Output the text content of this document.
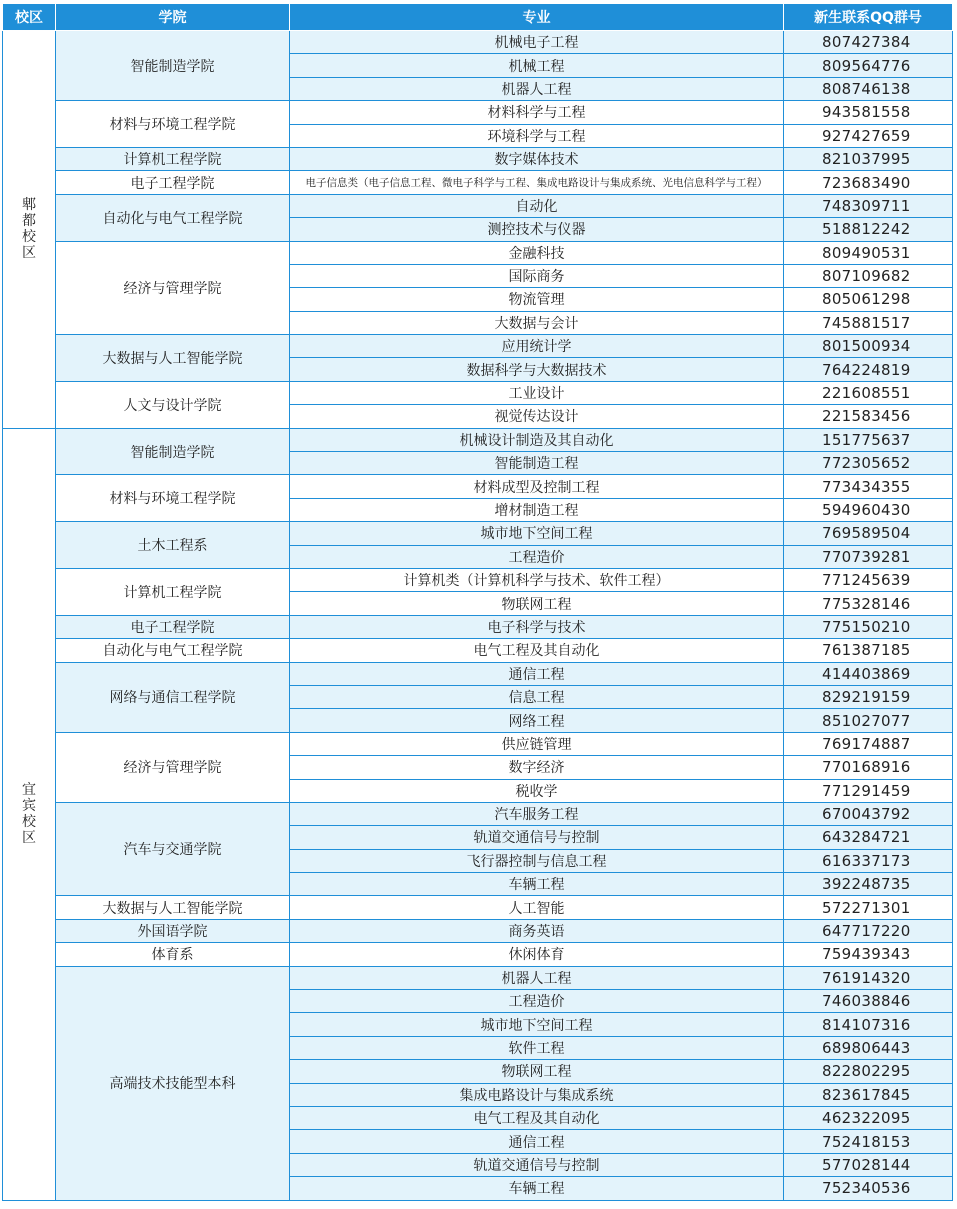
校区	学院	专业	新生联系QQ群号
郫都校区	智能制造学院	机械电子工程	807427384
		机械工程	809564776
		机器人工程	808746138
	材料与环境工程学院	材料科学与工程	943581558
		环境科学与工程	927427659
	计算机工程学院	数字媒体技术	821037995
	电子工程学院	电子信息类（电子信息工程、微电子科学与工程、集成电路设计与集成系统、光电信息科学与工程）	723683490
	自动化与电气工程学院	自动化	748309711
		测控技术与仪器	518812242
	经济与管理学院	金融科技	809490531
		国际商务	807109682
		物流管理	805061298
		大数据与会计	745881517
	大数据与人工智能学院	应用统计学	801500934
		数据科学与大数据技术	764224819
	人文与设计学院	工业设计	221608551
		视觉传达设计	221583456
宜宾校区	智能制造学院	机械设计制造及其自动化	151775637
		智能制造工程	772305652
	材料与环境工程学院	材料成型及控制工程	773434355
		增材制造工程	594960430
	土木工程系	城市地下空间工程	769589504
		工程造价	770739281
	计算机工程学院	计算机类（计算机科学与技术、软件工程）	771245639
		物联网工程	775328146
	电子工程学院	电子科学与技术	775150210
	自动化与电气工程学院	电气工程及其自动化	761387185
	网络与通信工程学院	通信工程	414403869
		信息工程	829219159
		网络工程	851027077
	经济与管理学院	供应链管理	769174887
		数字经济	770168916
		税收学	771291459
	汽车与交通学院	汽车服务工程	670043792
		轨道交通信号与控制	643284721
		飞行器控制与信息工程	616337173
		车辆工程	392248735
	大数据与人工智能学院	人工智能	572271301
	外国语学院	商务英语	647717220
	体育系	休闲体育	759439343
	高端技术技能型本科	机器人工程	761914320
		工程造价	746038846
		城市地下空间工程	814107316
		软件工程	689806443
		物联网工程	822802295
		集成电路设计与集成系统	823617845
		电气工程及其自动化	462322095
		通信工程	752418153
		轨道交通信号与控制	577028144
		车辆工程	752340536
